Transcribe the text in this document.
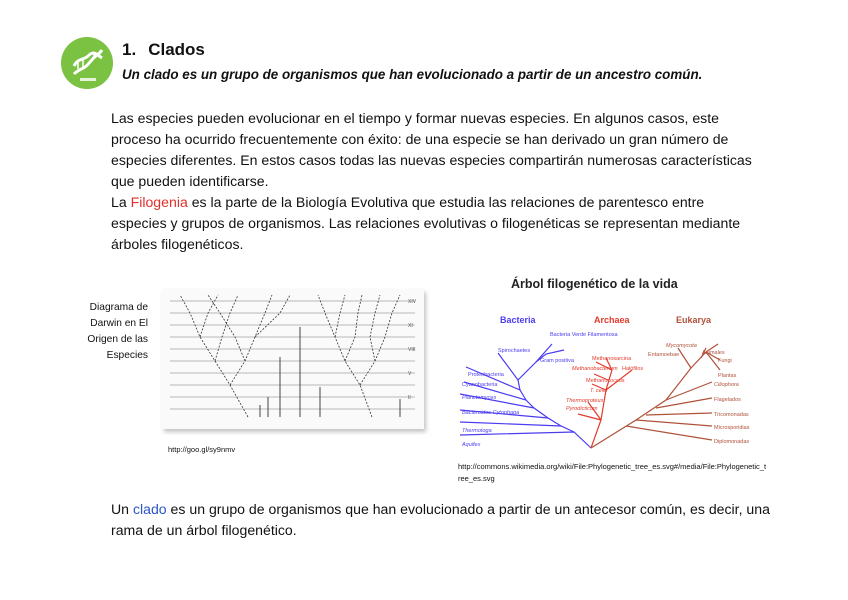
1. Clados
Un clado es un grupo de organismos que han evolucionado a partir de un ancestro común.

Las especies pueden evolucionar en el tiempo y formar nuevas especies. En algunos casos, este proceso ha ocurrido frecuentemente con éxito: de una especie se han derivado un gran número de especies diferentes. En estos casos todas las nuevas especies compartirán numerosas características que pueden identificarse.

La Filogenia es la parte de la Biología Evolutiva que estudia las relaciones de parentesco entre especies y grupos de organismos. Las relaciones evolutivas o filogenéticas se representan mediante árboles filogenéticos.

Diagrama de Darwin en El Origen de las Especies
XIV
XI
VIII
V
II
http://goo.gl/sy9nmv
Árbol filogenético de la vida
Bacteria	Archaea	Eukarya
Spirochaetes
Gram positiva
Bacteria Verde Filamentosa
Proteobacteria
Cyanobacteria
Planctomyces
Bacteroides Cytophaga
Thermotoga
Aquifex
Methanosarcina
Methanobacterium Halófilos
Methanococcus
T. celer
Thermoproteus
Pyrodicticum
Entamoebae
Mycomycota
Animales
Fungi
Plantas
Ciliophora
Flagelados
Tricomonadas
Microsporidias
Diplomonadas
http://commons.wikimedia.org/wiki/File:Phylogenetic_tree_es.svg#/media/File:Phylogenetic_tree_es.svg
Un clado es un grupo de organismos que han evolucionado a partir de un antecesor común, es decir, una rama de un árbol filogenético.
